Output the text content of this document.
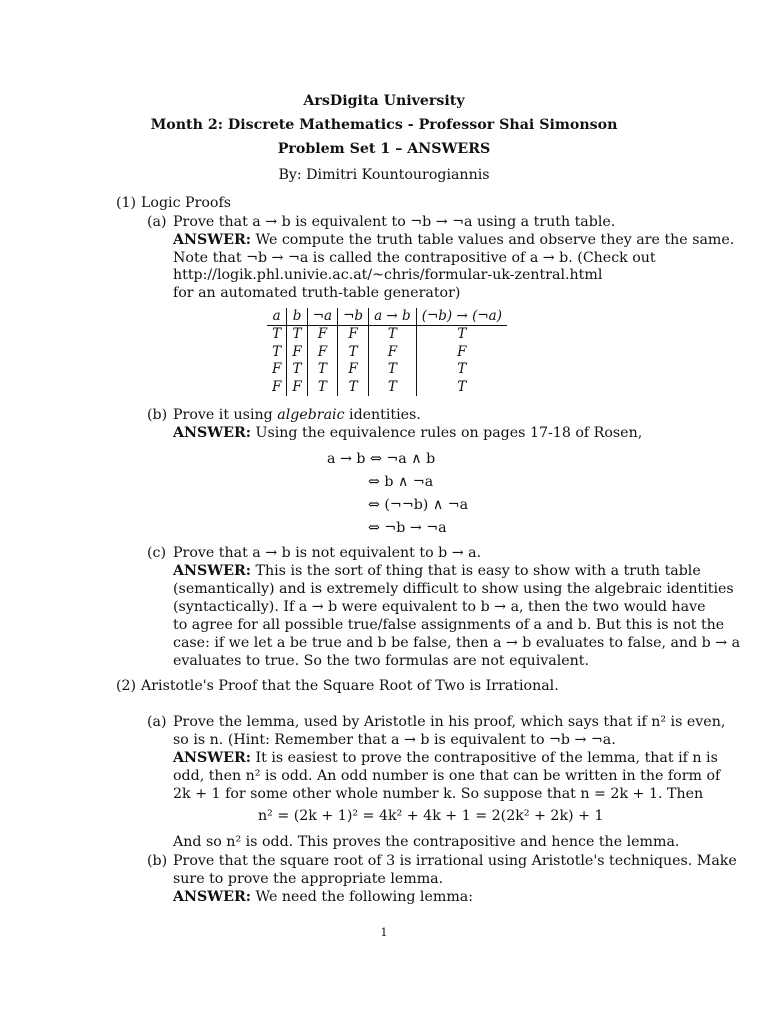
ArsDigita University
Month 2: Discrete Mathematics - Professor Shai Simonson
Problem Set 1 – ANSWERS
By: Dimitri Kountourogiannis
(1) Logic Proofs
(a) Prove that a → b is equivalent to ¬b → ¬a using a truth table.
ANSWER: We compute the truth table values and observe they are the same.
Note that ¬b → ¬a is called the contrapositive of a → b. (Check out
http://logik.phl.univie.ac.at/~chris/formular-uk-zentral.html
for an automated truth-table generator)
a	b	¬a	¬b	a → b	(¬b) → (¬a)
T	T	F	F	T	T
T	F	F	T	F	F
F	T	T	F	T	T
F	F	T	T	T	T
(b) Prove it using algebraic identities.
ANSWER: Using the equivalence rules on pages 17-18 of Rosen,
a → b ⇔ ¬a ∧ b
⇔ b ∧ ¬a
⇔ (¬¬b) ∧ ¬a
⇔ ¬b → ¬a
(c) Prove that a → b is not equivalent to b → a.
ANSWER: This is the sort of thing that is easy to show with a truth table
(semantically) and is extremely difficult to show using the algebraic identities
(syntactically). If a → b were equivalent to b → a, then the two would have
to agree for all possible true/false assignments of a and b. But this is not the
case: if we let a be true and b be false, then a → b evaluates to false, and b → a
evaluates to true. So the two formulas are not equivalent.
(2) Aristotle's Proof that the Square Root of Two is Irrational.
(a) Prove the lemma, used by Aristotle in his proof, which says that if n² is even,
so is n. (Hint: Remember that a → b is equivalent to ¬b → ¬a.
ANSWER: It is easiest to prove the contrapositive of the lemma, that if n is
odd, then n² is odd. An odd number is one that can be written in the form of
2k + 1 for some other whole number k. So suppose that n = 2k + 1. Then
n² = (2k + 1)² = 4k² + 4k + 1 = 2(2k² + 2k) + 1
And so n² is odd. This proves the contrapositive and hence the lemma.
(b) Prove that the square root of 3 is irrational using Aristotle's techniques. Make
sure to prove the appropriate lemma.
ANSWER: We need the following lemma:
1
